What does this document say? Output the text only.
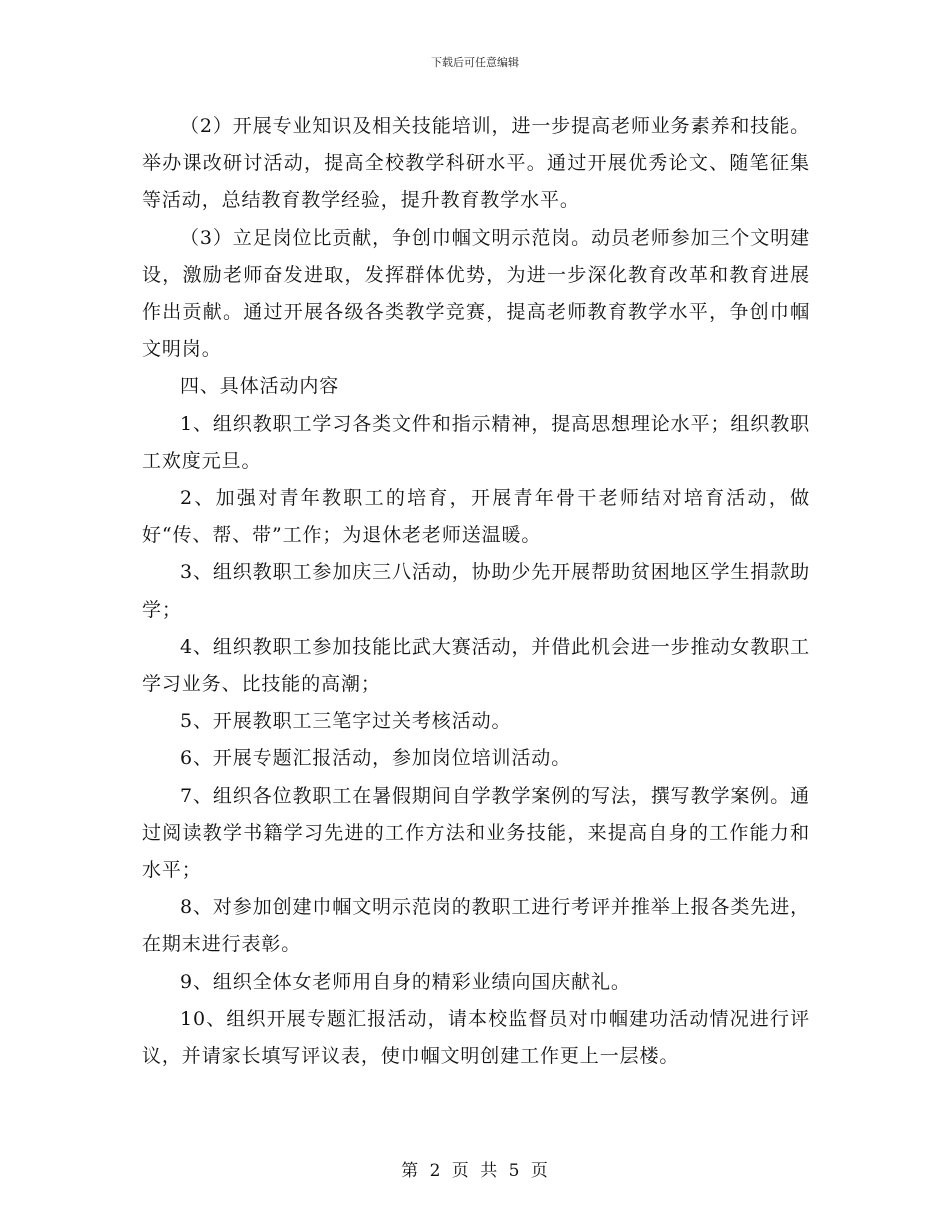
下载后可任意编辑

（2）开展专业知识及相关技能培训，进一步提高老师业务素养和技能。举办课改研讨活动，提高全校教学科研水平。通过开展优秀论文、随笔征集等活动，总结教育教学经验，提升教育教学水平。

（3）立足岗位比贡献，争创巾帼文明示范岗。动员老师参加三个文明建设，激励老师奋发进取，发挥群体优势，为进一步深化教育改革和教育进展作出贡献。通过开展各级各类教学竞赛，提高老师教育教学水平，争创巾帼文明岗。

四、具体活动内容

1、组织教职工学习各类文件和指示精神，提高思想理论水平；组织教职工欢度元旦。

2、加强对青年教职工的培育，开展青年骨干老师结对培育活动，做好“传、帮、带”工作；为退休老老师送温暖。

3、组织教职工参加庆三八活动，协助少先开展帮助贫困地区学生捐款助学；

4、组织教职工参加技能比武大赛活动，并借此机会进一步推动女教职工学习业务、比技能的高潮；

5、开展教职工三笔字过关考核活动。

6、开展专题汇报活动，参加岗位培训活动。

7、组织各位教职工在暑假期间自学教学案例的写法，撰写教学案例。通过阅读教学书籍学习先进的工作方法和业务技能，来提高自身的工作能力和水平；

8、对参加创建巾帼文明示范岗的教职工进行考评并推举上报各类先进，在期末进行表彰。

9、组织全体女老师用自身的精彩业绩向国庆献礼。

10、组织开展专题汇报活动，请本校监督员对巾帼建功活动情况进行评议，并请家长填写评议表，使巾帼文明创建工作更上一层楼。

第 2 页 共 5 页
